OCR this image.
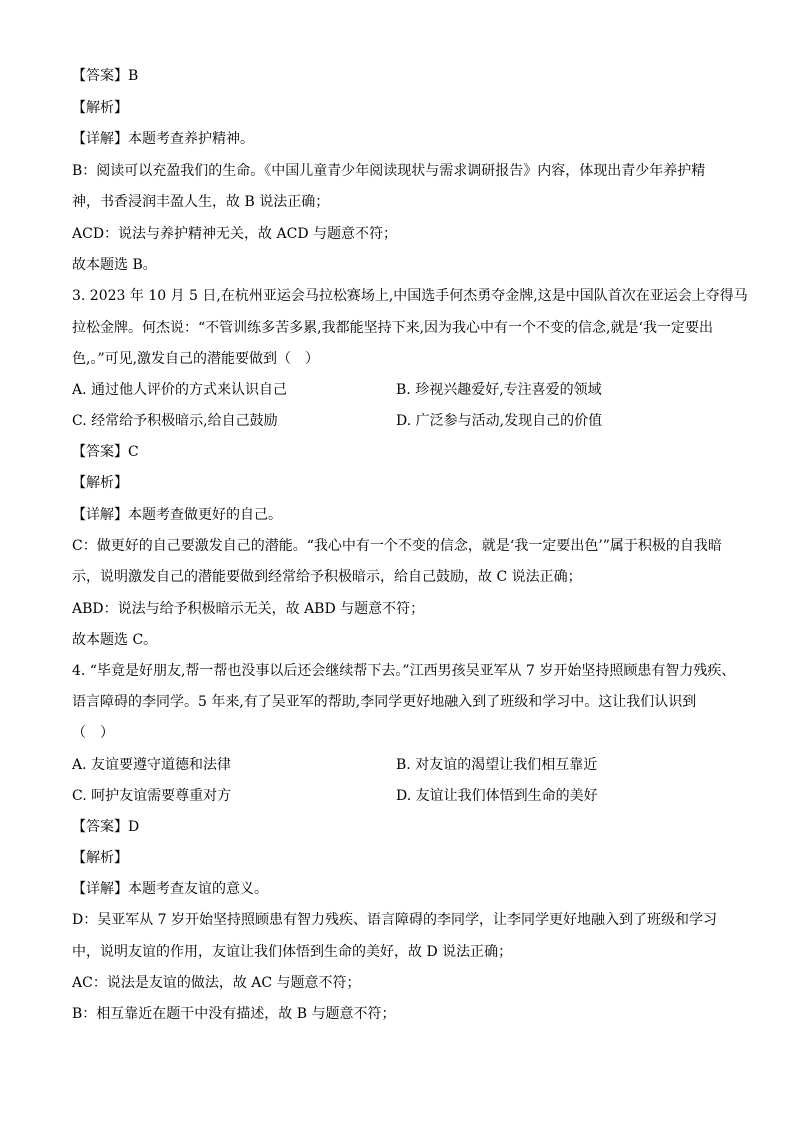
【答案】B
【解析】
【详解】本题考查养护精神。
B：阅读可以充盈我们的生命。《中国儿童青少年阅读现状与需求调研报告》内容，体现出青少年养护精
神，书香浸润丰盈人生，故 B 说法正确；
ACD：说法与养护精神无关，故 ACD 与题意不符；
故本题选 B。
3. 2023 年 10 月 5 日,在杭州亚运会马拉松赛场上,中国选手何杰勇夺金牌,这是中国队首次在亚运会上夺得马
拉松金牌。何杰说：“不管训练多苦多累,我都能坚持下来,因为我心中有一个不变的信念,就是‘我一定要出
色,。”可见,激发自己的潜能要做到（　）
A. 通过他人评价的方式来认识自己	B. 珍视兴趣爱好,专注喜爱的领域
C. 经常给予积极暗示,给自己鼓励	D. 广泛参与活动,发现自己的价值
【答案】C
【解析】
【详解】本题考查做更好的自己。
C：做更好的自己要激发自己的潜能。“我心中有一个不变的信念，就是‘我一定要出色’”属于积极的自我暗
示，说明激发自己的潜能要做到经常给予积极暗示，给自己鼓励，故 C 说法正确；
ABD：说法与给予积极暗示无关，故 ABD 与题意不符；
故本题选 C。
4. “毕竟是好朋友,帮一帮也没事以后还会继续帮下去。”江西男孩吴亚军从 7 岁开始坚持照顾患有智力残疾、
语言障碍的李同学。5 年来,有了吴亚军的帮助,李同学更好地融入到了班级和学习中。这让我们认识到
（　）
A. 友谊要遵守道德和法律	B. 对友谊的渴望让我们相互靠近
C. 呵护友谊需要尊重对方	D. 友谊让我们体悟到生命的美好
【答案】D
【解析】
【详解】本题考查友谊的意义。
D：吴亚军从 7 岁开始坚持照顾患有智力残疾、语言障碍的李同学，让李同学更好地融入到了班级和学习
中，说明友谊的作用，友谊让我们体悟到生命的美好，故 D 说法正确；
AC：说法是友谊的做法，故 AC 与题意不符；
B：相互靠近在题干中没有描述，故 B 与题意不符；
